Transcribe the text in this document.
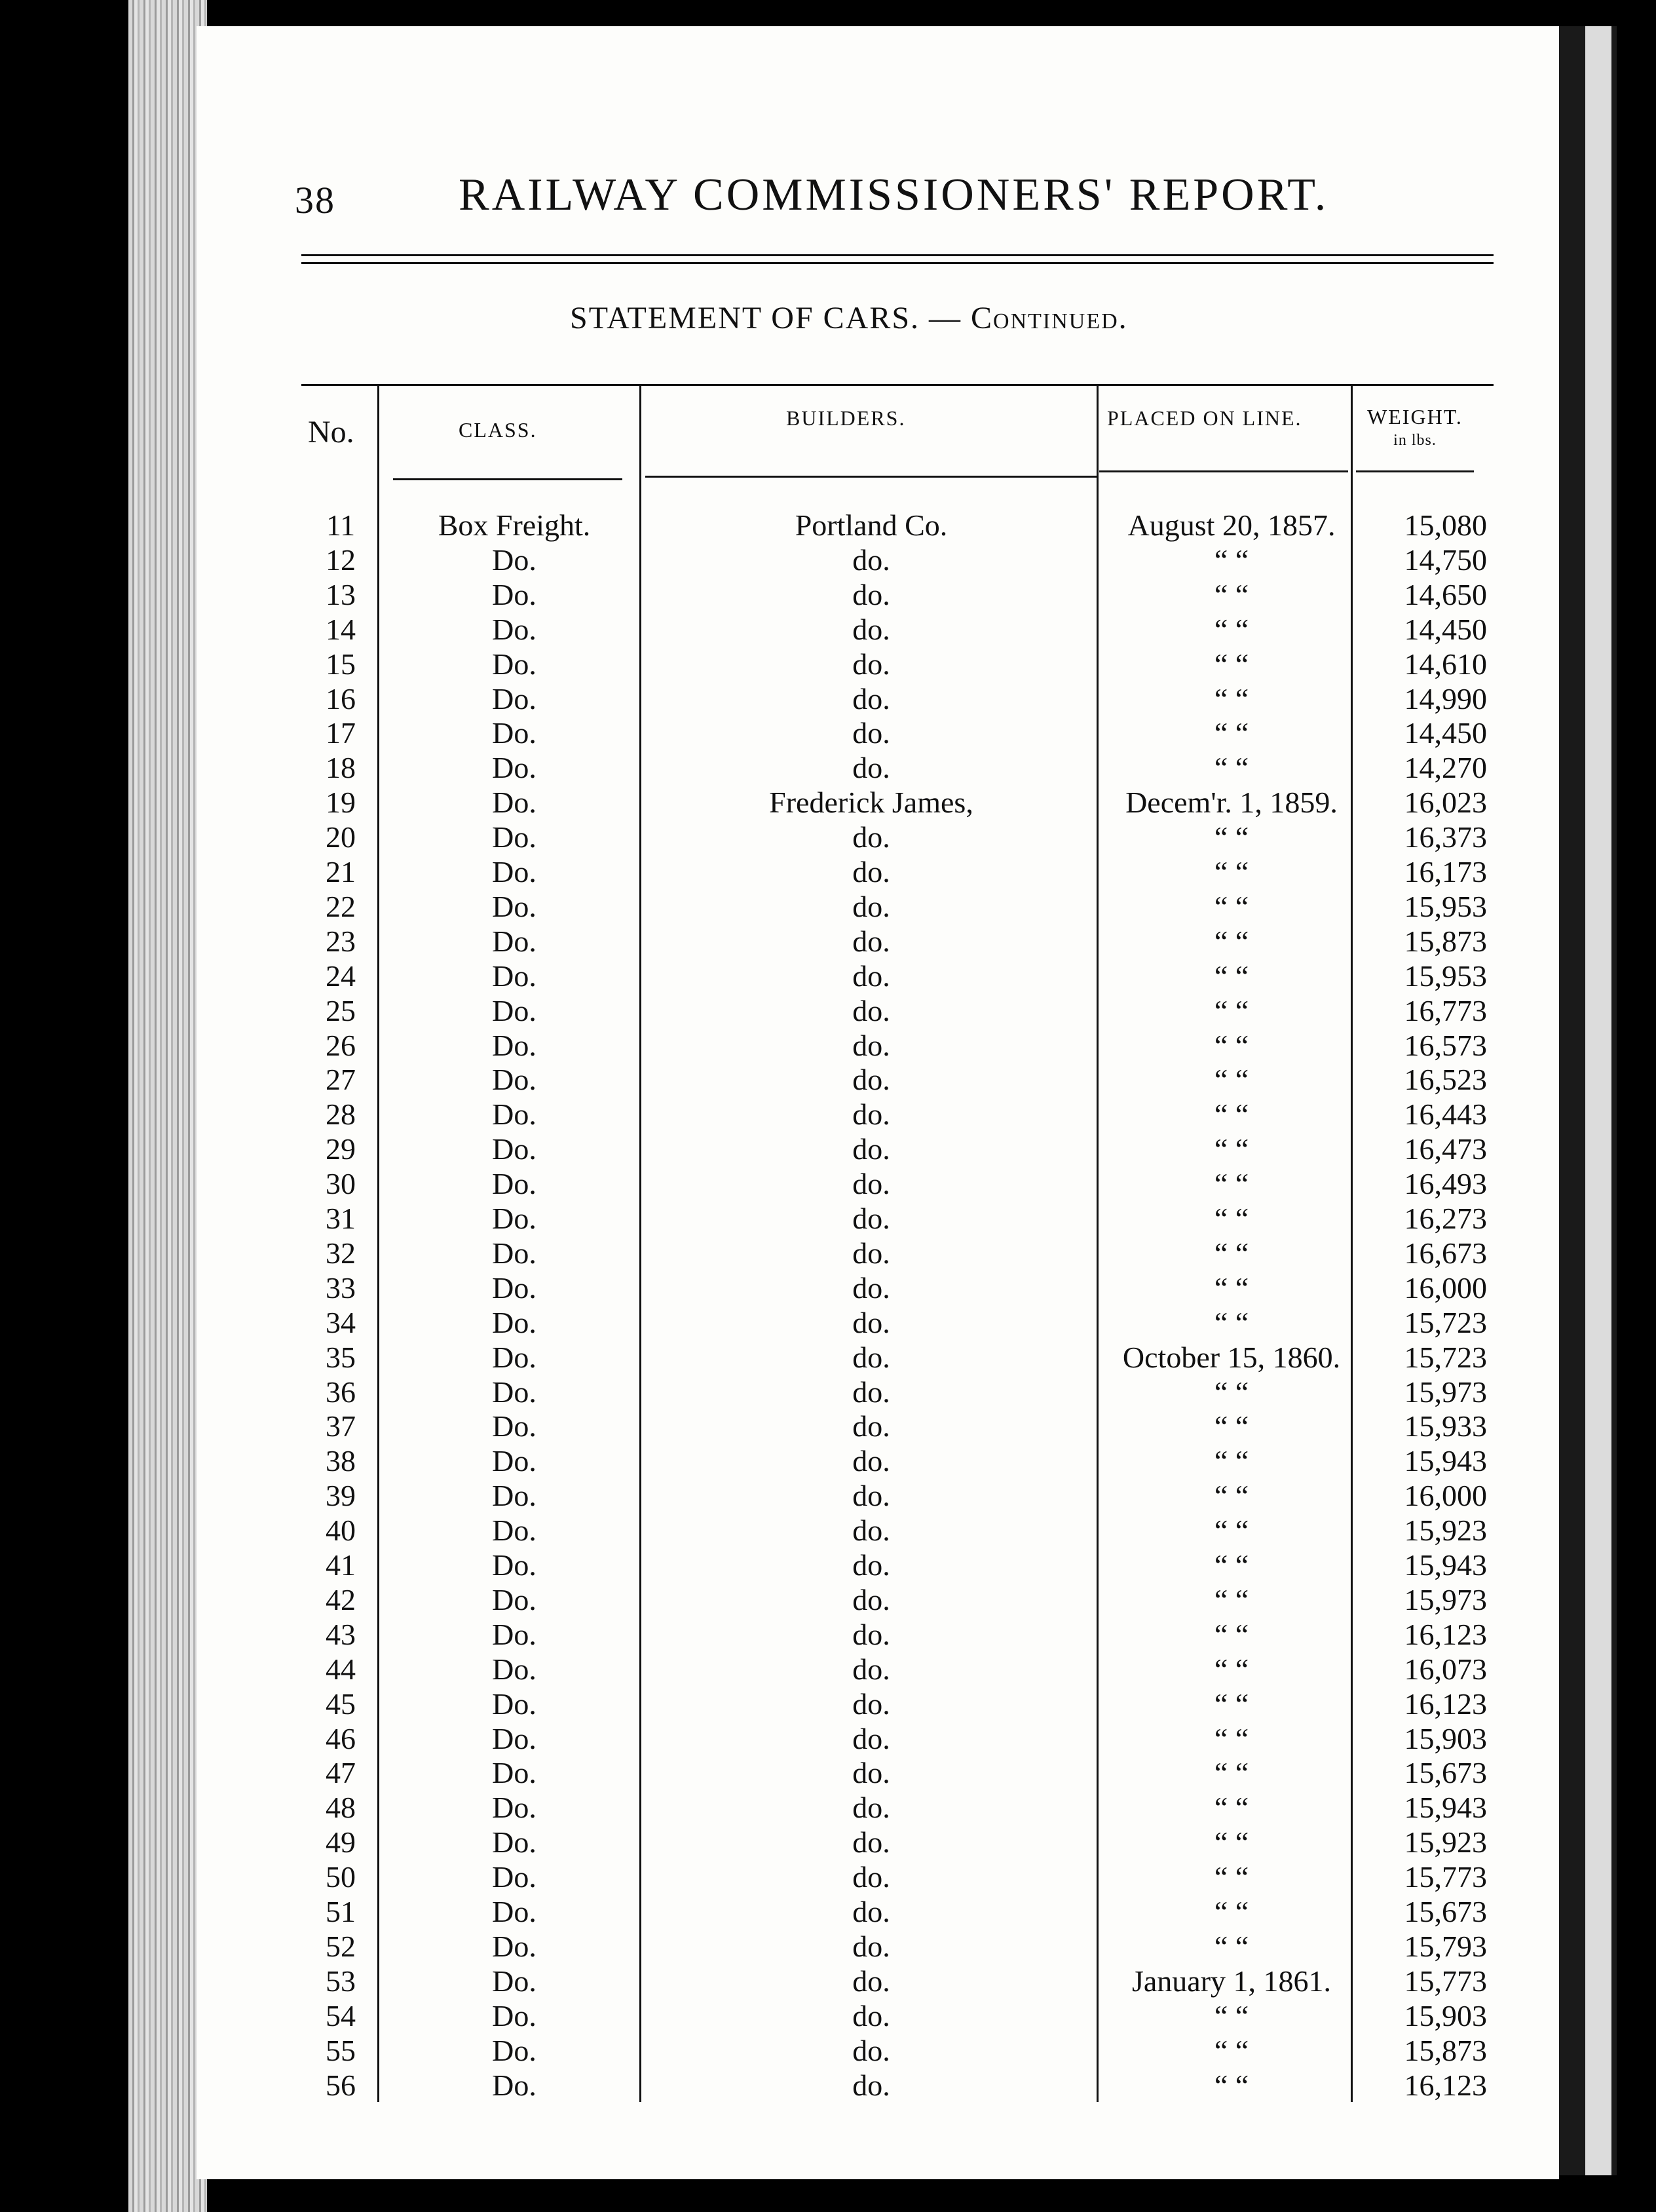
38	RAILWAY COMMISSIONERS' REPORT.
STATEMENT OF CARS. — Continued.
No.	CLASS.	BUILDERS.	PLACED ON LINE.	WEIGHT.
in lbs.
11	Box Freight.	Portland Co.	August 20, 1857.	15,080
12	Do.	do.	“ “	14,750
13	Do.	do.	“ “	14,650
14	Do.	do.	“ “	14,450
15	Do.	do.	“ “	14,610
16	Do.	do.	“ “	14,990
17	Do.	do.	“ “	14,450
18	Do.	do.	“ “	14,270
19	Do.	Frederick James,	Decem'r. 1, 1859.	16,023
20	Do.	do.	“ “	16,373
21	Do.	do.	“ “	16,173
22	Do.	do.	“ “	15,953
23	Do.	do.	“ “	15,873
24	Do.	do.	“ “	15,953
25	Do.	do.	“ “	16,773
26	Do.	do.	“ “	16,573
27	Do.	do.	“ “	16,523
28	Do.	do.	“ “	16,443
29	Do.	do.	“ “	16,473
30	Do.	do.	“ “	16,493
31	Do.	do.	“ “	16,273
32	Do.	do.	“ “	16,673
33	Do.	do.	“ “	16,000
34	Do.	do.	“ “	15,723
35	Do.	do.	October 15, 1860.	15,723
36	Do.	do.	“ “	15,973
37	Do.	do.	“ “	15,933
38	Do.	do.	“ “	15,943
39	Do.	do.	“ “	16,000
40	Do.	do.	“ “	15,923
41	Do.	do.	“ “	15,943
42	Do.	do.	“ “	15,973
43	Do.	do.	“ “	16,123
44	Do.	do.	“ “	16,073
45	Do.	do.	“ “	16,123
46	Do.	do.	“ “	15,903
47	Do.	do.	“ “	15,673
48	Do.	do.	“ “	15,943
49	Do.	do.	“ “	15,923
50	Do.	do.	“ “	15,773
51	Do.	do.	“ “	15,673
52	Do.	do.	“ “	15,793
53	Do.	do.	January 1, 1861.	15,773
54	Do.	do.	“ “	15,903
55	Do.	do.	“ “	15,873
56	Do.	do.	“ “	16,123
